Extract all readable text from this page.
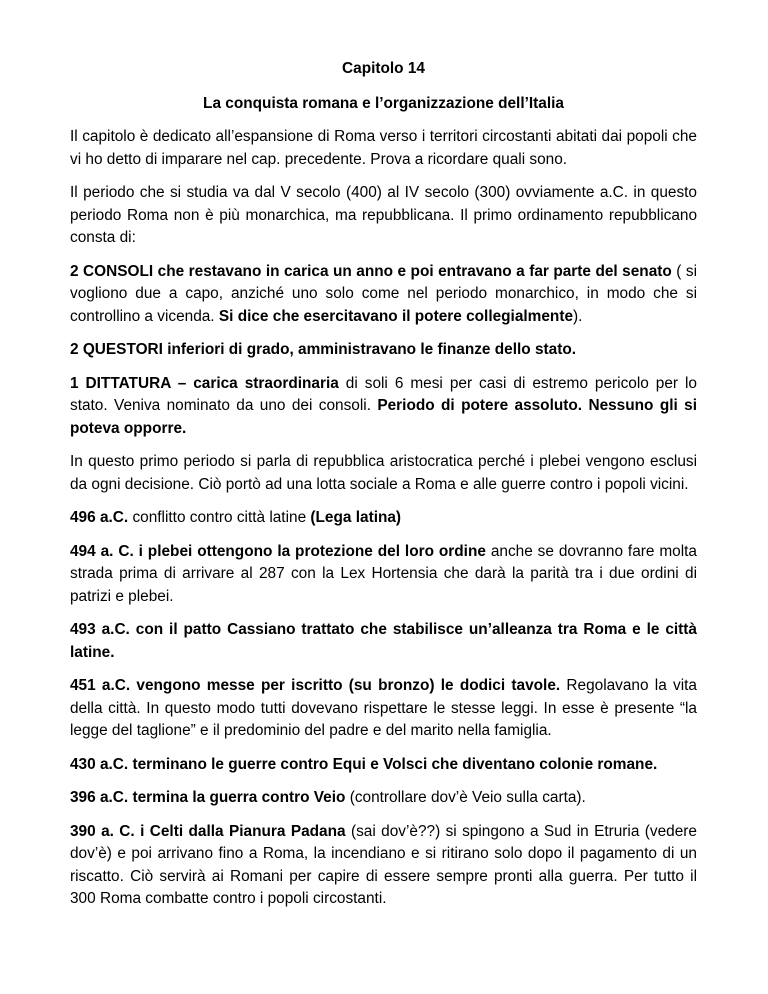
Capitolo 14
La conquista romana e l’organizzazione dell’Italia

Il capitolo è dedicato all’espansione di Roma verso i territori circostanti abitati dai popoli che vi ho detto di imparare nel cap. precedente. Prova a ricordare quali sono.

Il periodo che si studia va dal V secolo (400) al IV secolo (300) ovviamente a.C. in questo periodo Roma non è più monarchica, ma repubblicana. Il primo ordinamento repubblicano consta di:

2 CONSOLI che restavano in carica un anno e poi entravano a far parte del senato ( si vogliono due a capo, anziché uno solo come nel periodo monarchico, in modo che si controllino a vicenda. Si dice che esercitavano il potere collegialmente).

2 QUESTORI inferiori di grado, amministravano le finanze dello stato.

1 DITTATURA – carica straordinaria di soli 6 mesi per casi di estremo pericolo per lo stato. Veniva nominato da uno dei consoli. Periodo di potere assoluto. Nessuno gli si poteva opporre.

In questo primo periodo si parla di repubblica aristocratica perché i plebei vengono esclusi da ogni decisione. Ciò portò ad una lotta sociale a Roma e alle guerre contro i popoli vicini.

496 a.C. conflitto contro città latine (Lega latina)

494 a. C. i plebei ottengono la protezione del loro ordine anche se dovranno fare molta strada prima di arrivare al 287 con la Lex Hortensia che darà la parità tra i due ordini di patrizi e plebei.

493 a.C. con il patto Cassiano trattato che stabilisce un’alleanza tra Roma e le città latine.

451 a.C. vengono messe per iscritto (su bronzo) le dodici tavole. Regolavano la vita della città. In questo modo tutti dovevano rispettare le stesse leggi. In esse è presente “la legge del taglione” e il predominio del padre e del marito nella famiglia.

430 a.C. terminano le guerre contro Equi e Volsci che diventano colonie romane.

396 a.C. termina la guerra contro Veio (controllare dov’è Veio sulla carta).

390 a. C. i Celti dalla Pianura Padana (sai dov’è??) si spingono a Sud in Etruria (vedere dov’è) e poi arrivano fino a Roma, la incendiano e si ritirano solo dopo il pagamento di un riscatto. Ciò servirà ai Romani per capire di essere sempre pronti alla guerra. Per tutto il 300 Roma combatte contro i popoli circostanti.
